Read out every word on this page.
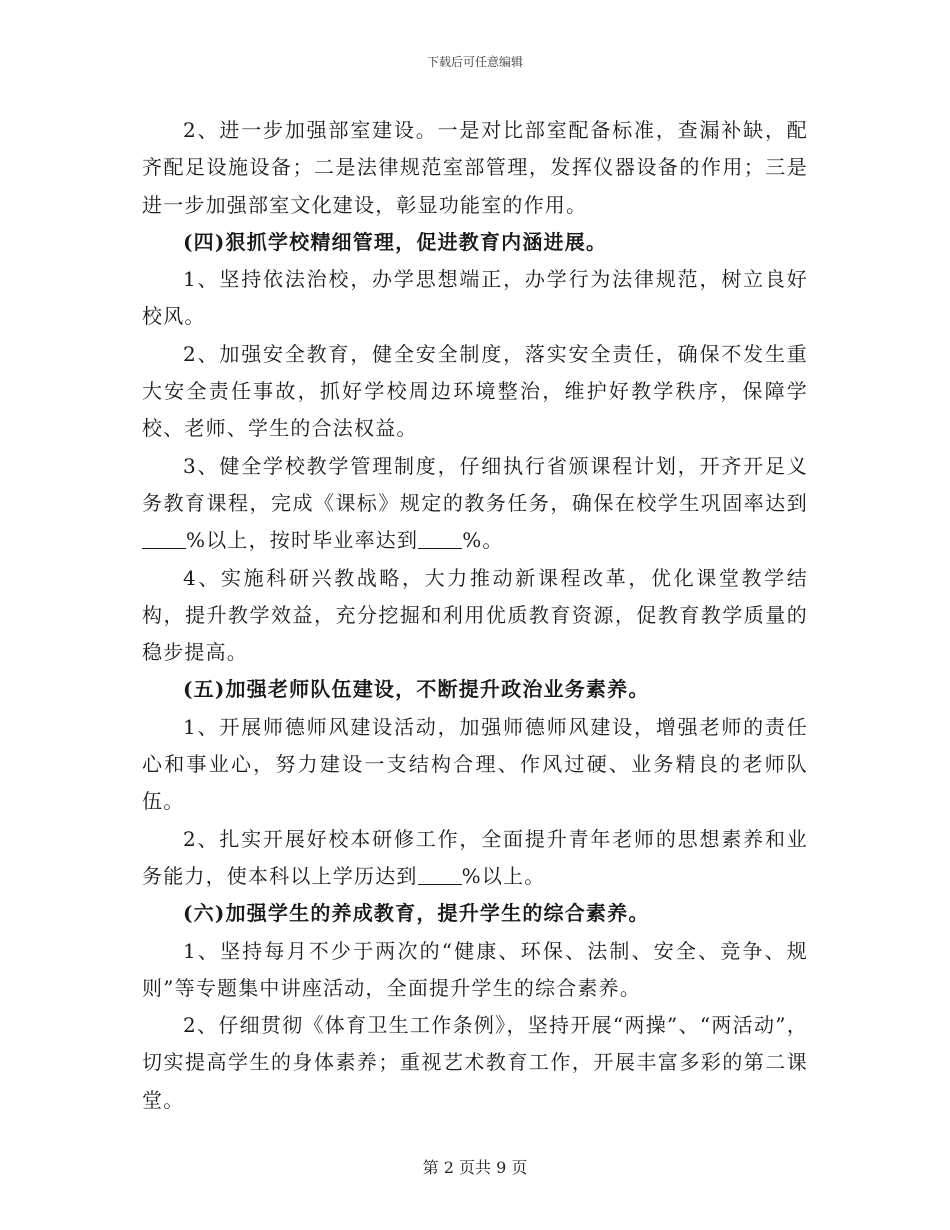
下载后可任意编辑

2、进一步加强部室建设。一是对比部室配备标准，查漏补缺，配齐配足设施设备；二是法律规范室部管理，发挥仪器设备的作用；三是进一步加强部室文化建设，彰显功能室的作用。

(四)狠抓学校精细管理，促进教育内涵进展。

1、坚持依法治校，办学思想端正，办学行为法律规范，树立良好校风。

2、加强安全教育，健全安全制度，落实安全责任，确保不发生重大安全责任事故，抓好学校周边环境整治，维护好教学秩序，保障学校、老师、学生的合法权益。

3、健全学校教学管理制度，仔细执行省颁课程计划，开齐开足义务教育课程，完成《课标》规定的教务任务，确保在校学生巩固率达到%以上，按时毕业率达到 %。

4、实施科研兴教战略，大力推动新课程改革，优化课堂教学结构，提升教学效益，充分挖掘和利用优质教育资源，促教育教学质量的稳步提高。

(五)加强老师队伍建设，不断提升政治业务素养。

1、开展师德师风建设活动，加强师德师风建设，增强老师的责任心和事业心，努力建设一支结构合理、作风过硬、业务精良的老师队伍。

2、扎实开展好校本研修工作，全面提升青年老师的思想素养和业务能力，使本科以上学历达到 %以上。

(六)加强学生的养成教育，提升学生的综合素养。

1、坚持每月不少于两次的“健康、环保、法制、安全、竞争、规则”等专题集中讲座活动，全面提升学生的综合素养。

2、仔细贯彻《体育卫生工作条例》，坚持开展“两操”、“两活动”，切实提高学生的身体素养；重视艺术教育工作，开展丰富多彩的第二课堂。

第 2 页共 9 页
